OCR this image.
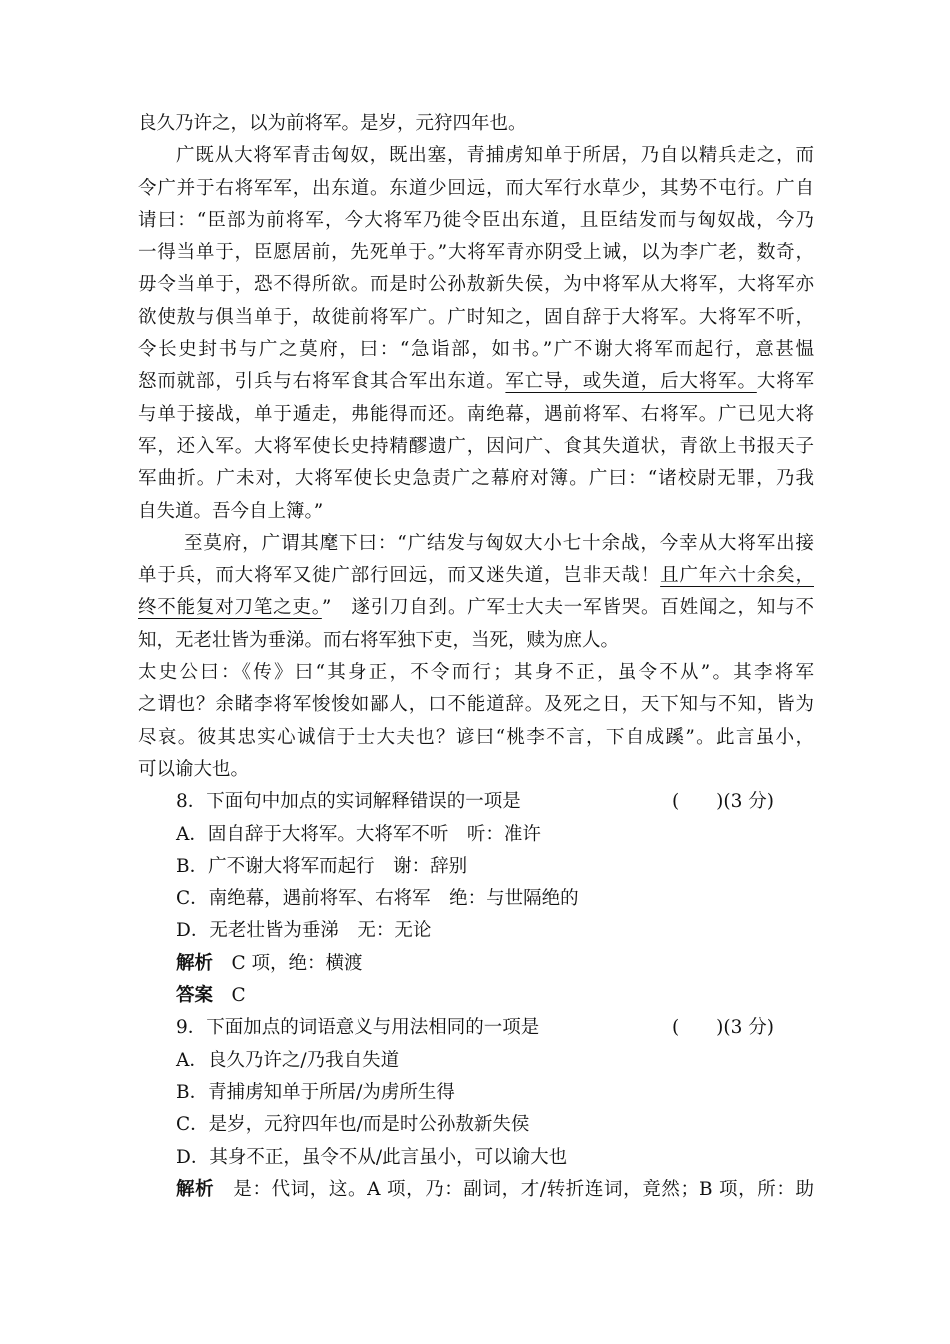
良久乃许之，以为前将军。是岁，元狩四年也。
广既从大将军青击匈奴，既出塞，青捕虏知单于所居，乃自以精兵走之，而
令广并于右将军军，出东道。东道少回远，而大军行水草少，其势不屯行。广自
请曰：“臣部为前将军，今大将军乃徙令臣出东道，且臣结发而与匈奴战，今乃
一得当单于，臣愿居前，先死单于。”大将军青亦阴受上诫，以为李广老，数奇，
毋令当单于，恐不得所欲。而是时公孙敖新失侯，为中将军从大将军，大将军亦
欲使敖与俱当单于，故徙前将军广。广时知之，固自辞于大将军。大将军不听，
令长史封书与广之莫府，曰：“急诣部，如书。”广不谢大将军而起行，意甚愠
怒而就部，引兵与右将军食其合军出东道。军亡导，或失道，后大将军。大将军
与单于接战，单于遁走，弗能得而还。南绝幕，遇前将军、右将军。广已见大将
军，还入军。大将军使长史持精醪遗广，因问广、食其失道状，青欲上书报天子
军曲折。广未对，大将军使长史急责广之幕府对簿。广曰：“诸校尉无罪，乃我
自失道。吾今自上簿。”
至莫府，广谓其麾下曰：“广结发与匈奴大小七十余战，今幸从大将军出接
单于兵，而大将军又徙广部行回远，而又迷失道，岂非天哉！且广年六十余矣，
终不能复对刀笔之吏。”　遂引刀自刭。广军士大夫一军皆哭。百姓闻之，知与不
知，无老壮皆为垂涕。而右将军独下吏，当死，赎为庶人。
太史公曰：《传》曰“其身正，不令而行；其身不正，虽令不从”。其李将军
之谓也？余睹李将军悛悛如鄙人，口不能道辞。及死之日，天下知与不知，皆为
尽哀。彼其忠实心诚信于士大夫也？谚曰“桃李不言，下自成蹊”。此言虽小，
可以谕大也。
8．下面句中加点的实词解释错误的一项是	(　　)(3 分)
A．固自辞于大将军。大将军不听　听：准许
B．广不谢大将军而起行　谢：辞别
C．南绝幕，遇前将军、右将军　绝：与世隔绝的
D．无老壮皆为垂涕　无：无论
解析　C 项，绝：横渡
答案　C
9．下面加点的词语意义与用法相同的一项是	(　　)(3 分)
A．良久乃许之/乃我自失道
B．青捕虏知单于所居/为虏所生得
C．是岁，元狩四年也/而是时公孙敖新失侯
D．其身不正，虽令不从/此言虽小，可以谕大也
解析　是：代词，这。A 项，乃：副词，才/转折连词，竟然；B 项，所：助
